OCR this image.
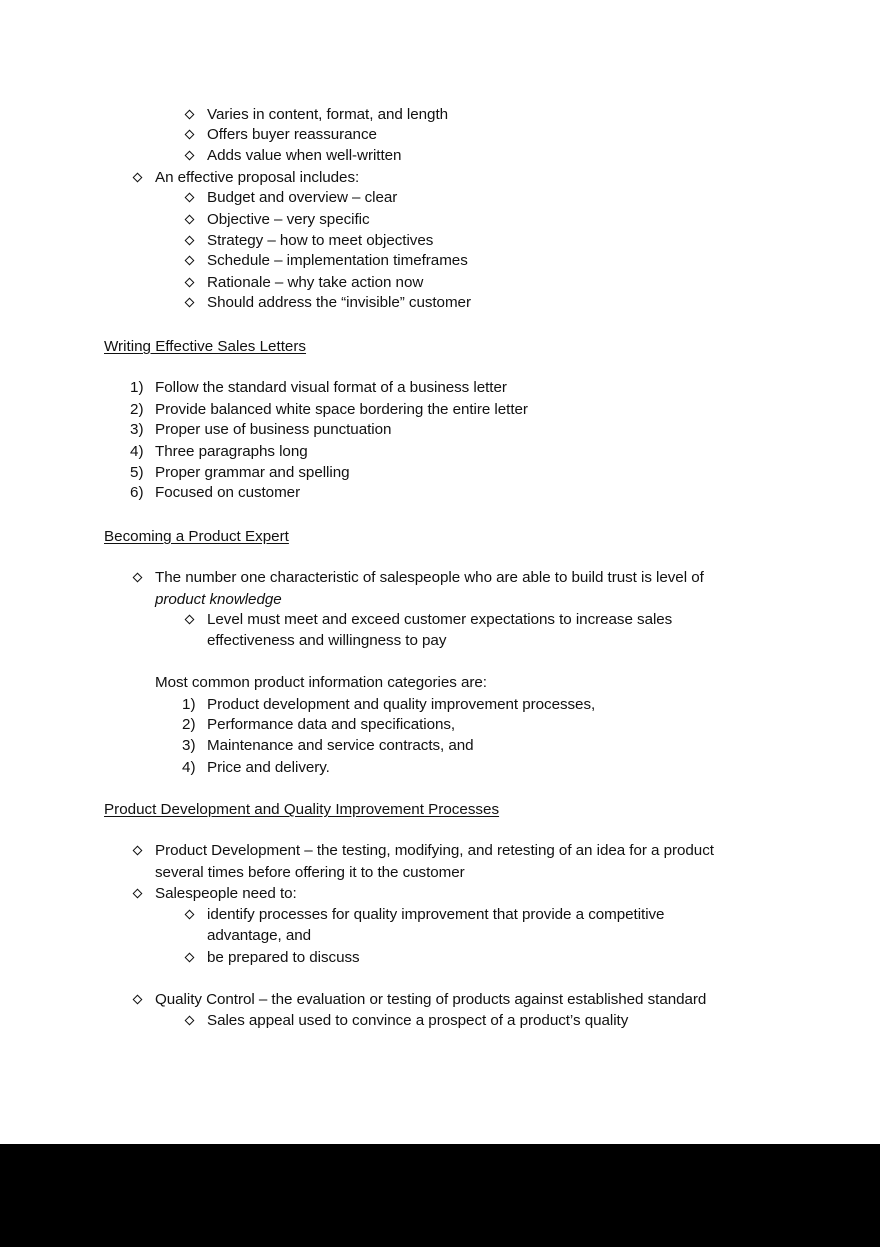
Varies in content, format, and length
Offers buyer reassurance
Adds value when well-written
An effective proposal includes:
Budget and overview – clear
Objective – very specific
Strategy – how to meet objectives
Schedule – implementation timeframes
Rationale – why take action now
Should address the “invisible” customer
Writing Effective Sales Letters
1) Follow the standard visual format of a business letter
2) Provide balanced white space bordering the entire letter
3) Proper use of business punctuation
4) Three paragraphs long
5) Proper grammar and spelling
6) Focused on customer
Becoming a Product Expert
The number one characteristic of salespeople who are able to build trust is level of
product knowledge
Level must meet and exceed customer expectations to increase sales
effectiveness and willingness to pay
Most common product information categories are:
1) Product development and quality improvement processes,
2) Performance data and specifications,
3) Maintenance and service contracts, and
4) Price and delivery.
Product Development and Quality Improvement Processes
Product Development – the testing, modifying, and retesting of an idea for a product
several times before offering it to the customer
Salespeople need to:
identify processes for quality improvement that provide a competitive
advantage, and
be prepared to discuss
Quality Control – the evaluation or testing of products against established standard
Sales appeal used to convince a prospect of a product’s quality
